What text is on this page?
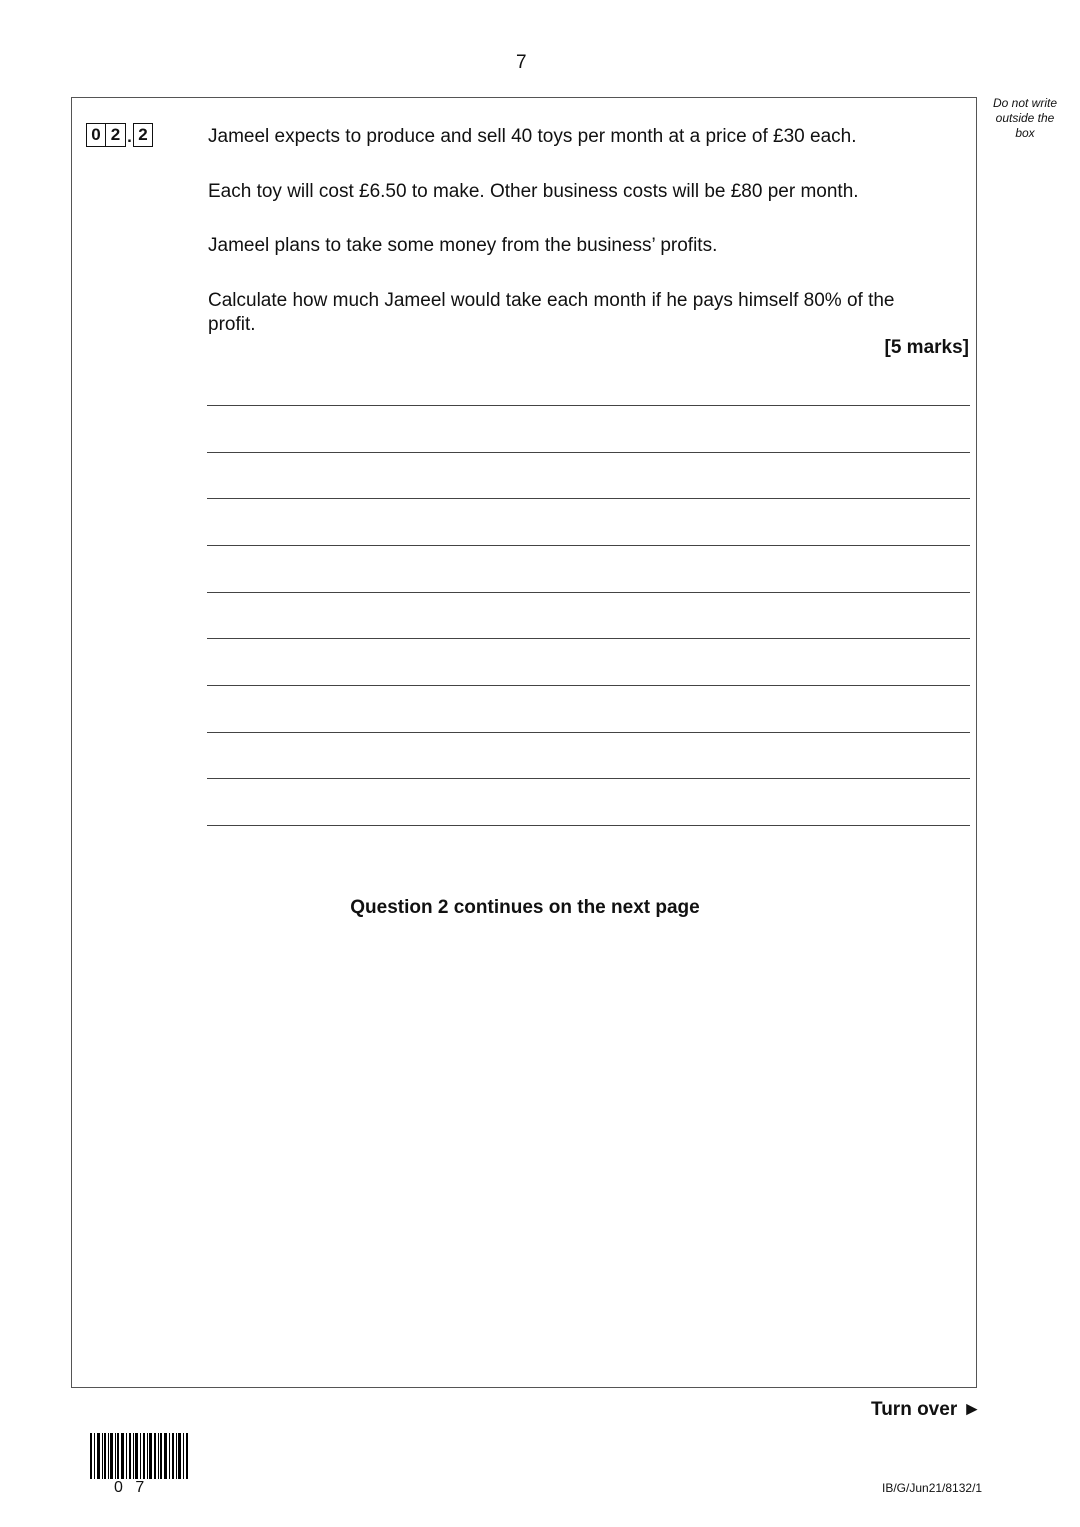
7
Do not write outside the box
0 2 . 2	Jameel expects to produce and sell 40 toys per month at a price of £30 each.
Each toy will cost £6.50 to make. Other business costs will be £80 per month.
Jameel plans to take some money from the business’ profits.
Calculate how much Jameel would take each month if he pays himself 80% of the profit.
[5 marks]
Question 2 continues on the next page
Turn over ►
0 7	IB/G/Jun21/8132/1
